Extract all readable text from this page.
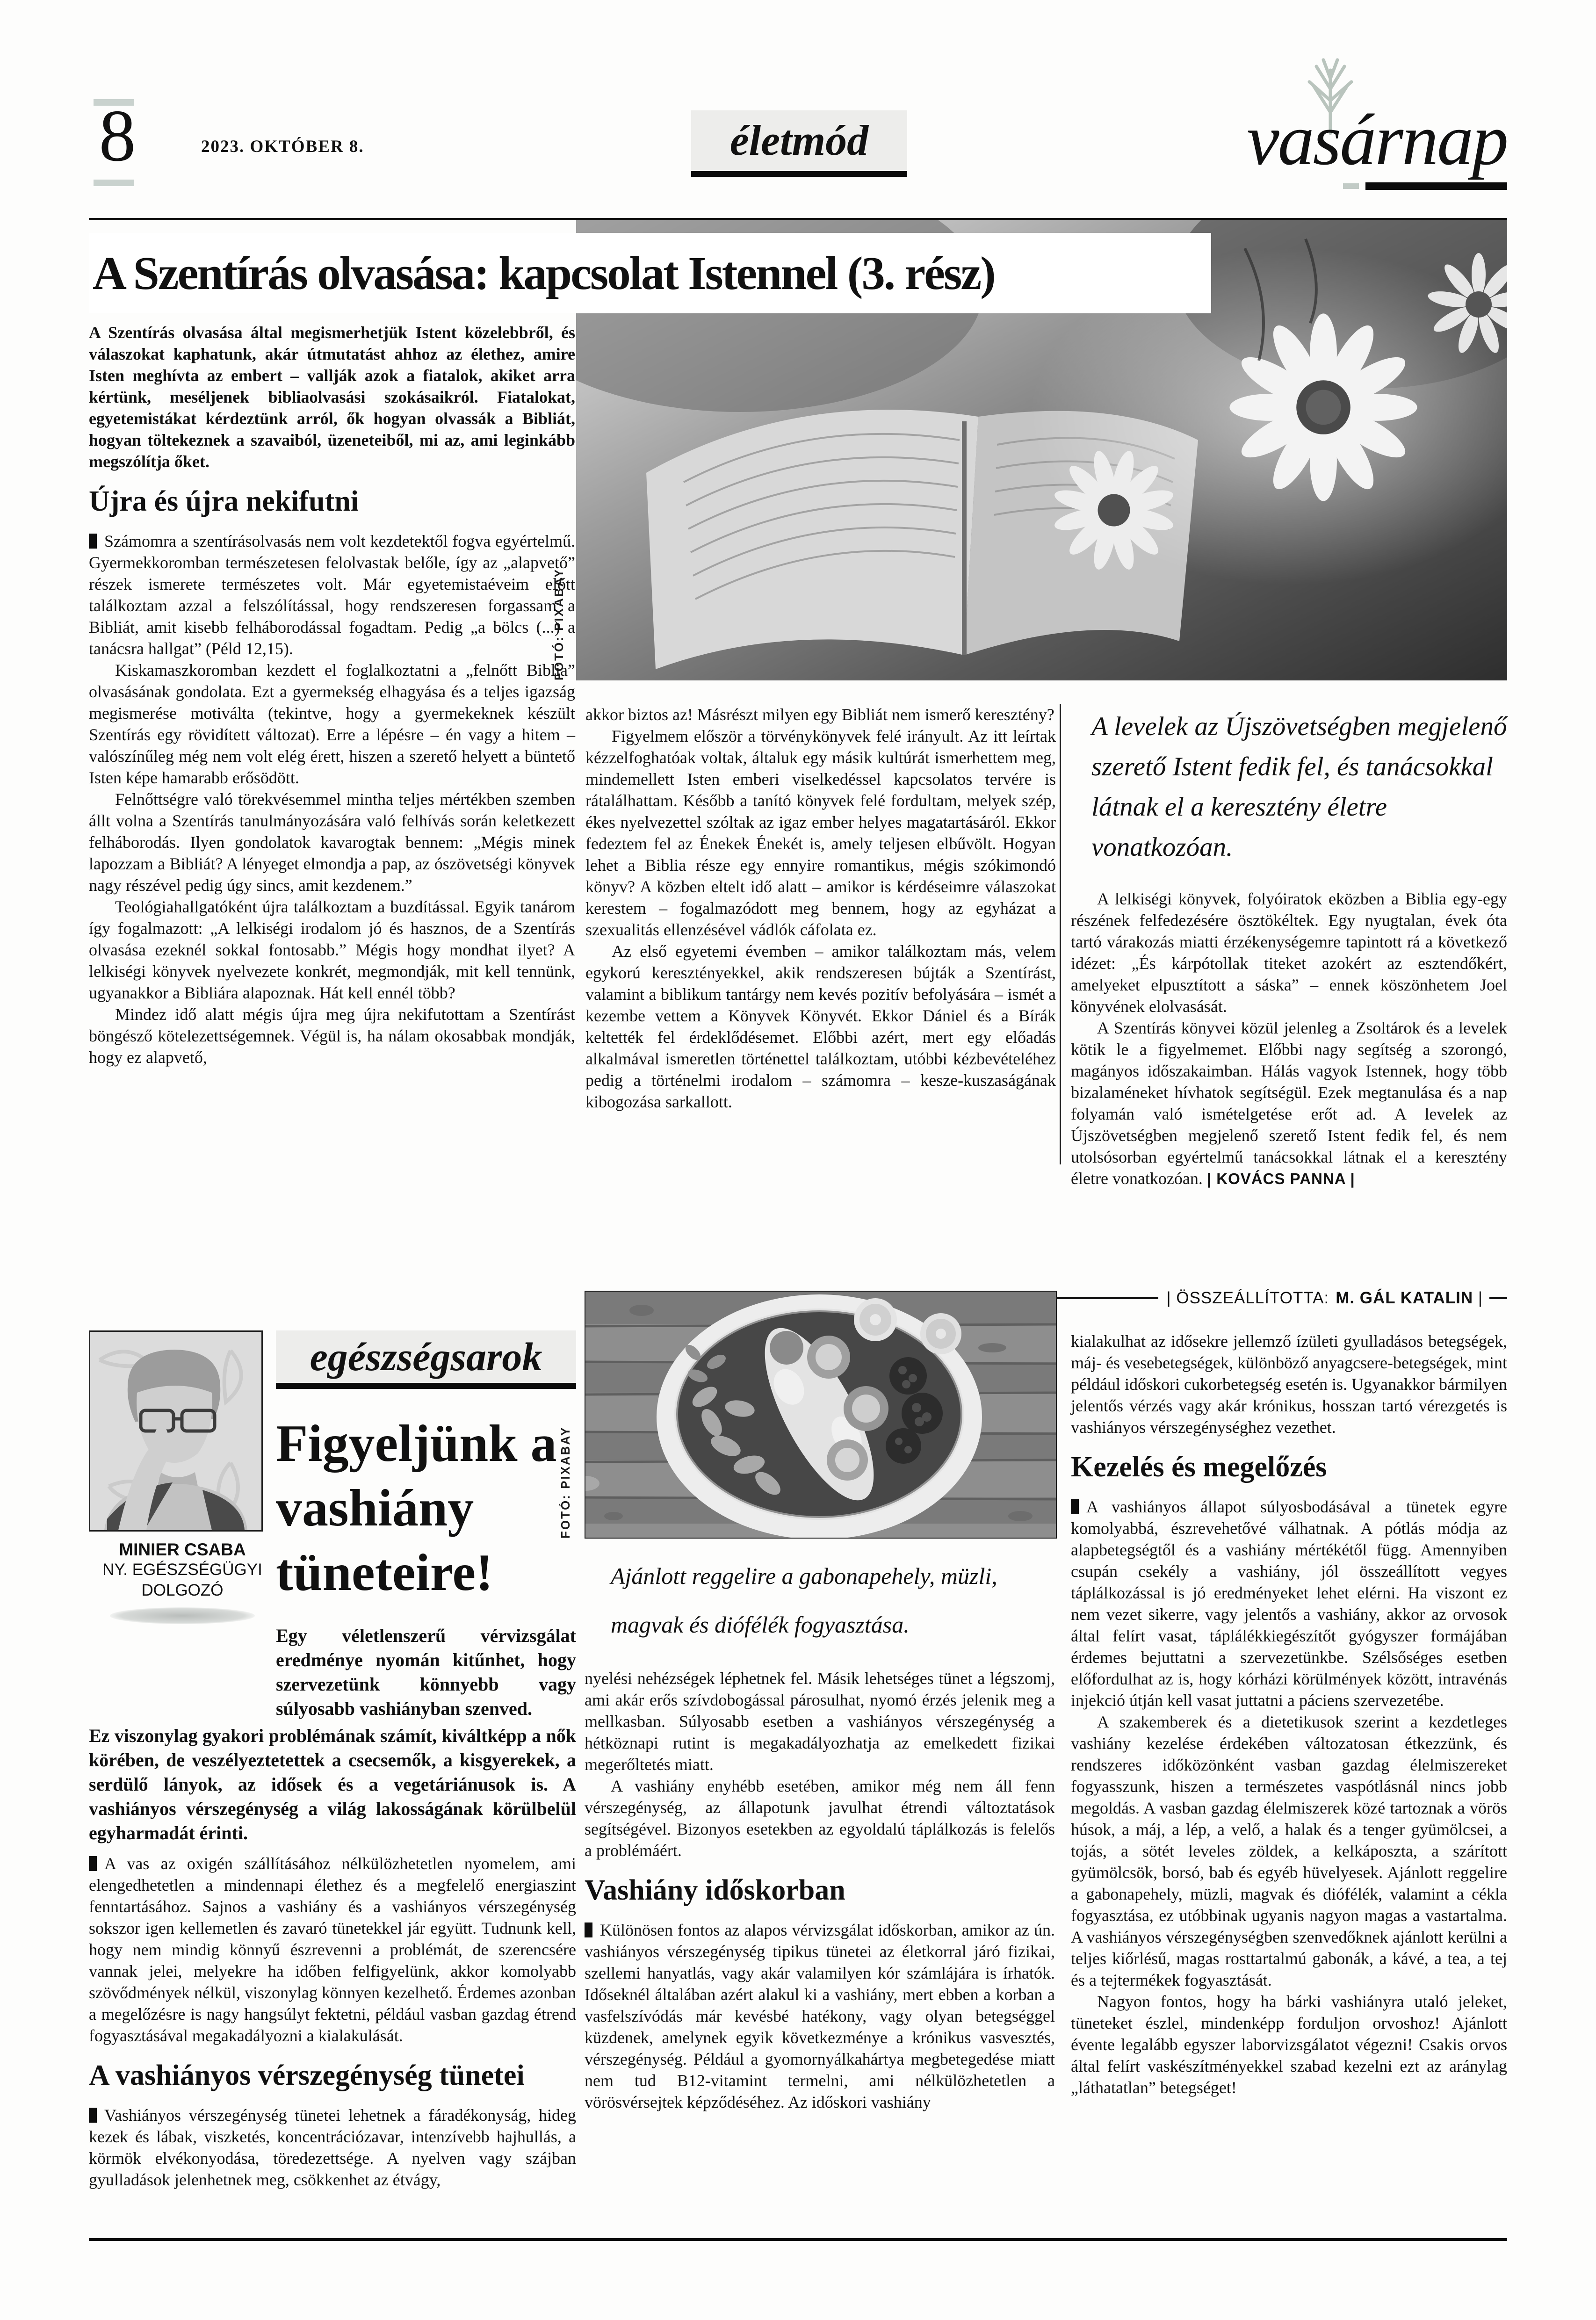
8	2023. OKTÓBER 8.	életmód	vasárnap
FOTÓ: PIXABAY
A Szentírás olvasása: kapcsolat Istennel (3. rész)

A Szentírás olvasása által megismerhetjük Istent közelebbről, és válaszokat kaphatunk, akár útmutatást ahhoz az élethez, amire Isten meghívta az embert – vallják azok a fiatalok, akiket arra kértünk, meséljenek bibliaolvasási szokásaikról. Fiatalokat, egyetemistákat kérdeztünk arról, ők hogyan olvassák a Bibliát, hogyan töltekeznek a szavaiból, üzeneteiből, mi az, ami leginkább megszólítja őket.

Újra és újra nekifutni

Számomra a szentírásolvasás nem volt kezdetektől fogva egyértelmű. Gyermekkoromban természetesen felolvastak belőle, így az „alapvető” részek ismerete természetes volt. Már egyetemistaéveim előtt találkoztam azzal a felszólítással, hogy rendszeresen forgassam a Bibliát, amit kisebb felháborodással fogadtam. Pedig „a bölcs (...) a tanácsra hallgat” (Péld 12,15).

Kiskamaszkoromban kezdett el foglalkoztatni a „felnőtt Biblia” olvasásának gondolata. Ezt a gyermekség elhagyása és a teljes igazság megismerése motiválta (tekintve, hogy a gyermekeknek készült Szentírás egy rövidített változat). Erre a lépésre – én vagy a hitem – valószínűleg még nem volt elég érett, hiszen a szerető helyett a büntető Isten képe hamarabb erősödött.

Felnőttségre való törekvésemmel mintha teljes mértékben szemben állt volna a Szentírás tanulmányozására való felhívás során keletkezett felháborodás. Ilyen gondolatok kavarogtak bennem: „Mégis minek lapozzam a Bibliát? A lényeget elmondja a pap, az ószövetségi könyvek nagy részével pedig úgy sincs, amit kezdenem.”

Teológiahallgatóként újra találkoztam a buzdítással. Egyik tanárom így fogalmazott: „A lelkiségi irodalom jó és hasznos, de a Szentírás olvasása ezeknél sokkal fontosabb.” Mégis hogy mondhat ilyet? A lelkiségi könyvek nyelvezete konkrét, megmondják, mit kell tennünk, ugyanakkor a Bibliára alapoznak. Hát kell ennél több?

Mindez idő alatt mégis újra meg újra nekifutottam a Szentírást böngésző kötelezettségemnek. Végül is, ha nálam okosabbak mondják, hogy ez alapvető,

akkor biztos az! Másrészt milyen egy Bibliát nem ismerő keresztény?

Figyelmem először a törvénykönyvek felé irányult. Az itt leírtak kézzelfoghatóak voltak, általuk egy másik kultúrát ismerhettem meg, mindemellett Isten emberi viselkedéssel kapcsolatos tervére is rátalálhattam. Később a tanító könyvek felé fordultam, melyek szép, ékes nyelvezettel szóltak az igaz ember helyes magatartásáról. Ekkor fedeztem fel az Énekek Énekét is, amely teljesen elbűvölt. Hogyan lehet a Biblia része egy ennyire romantikus, mégis szókimondó könyv? A közben eltelt idő alatt – amikor is kérdéseimre válaszokat kerestem – fogalmazódott meg bennem, hogy az egyházat a szexualitás ellenzésével vádlók cáfolata ez.

Az első egyetemi évemben – amikor találkoztam más, velem egykorú keresztényekkel, akik rendszeresen bújták a Szentírást, valamint a biblikum tantárgy nem kevés pozitív befolyására – ismét a kezembe vettem a Könyvek Könyvét. Ekkor Dániel és a Bírák keltették fel érdeklődésemet. Előbbi azért, mert egy előadás alkalmával ismeretlen történettel találkoztam, utóbbi kézbevételéhez pedig a történelmi irodalom – számomra – kesze-kuszaságának kibogozása sarkallott.

A levelek az Újszövetségben megjelenő szerető Istent fedik fel, és tanácsokkal látnak el a keresztény életre vonatkozóan.

A lelkiségi könyvek, folyóiratok eközben a Biblia egy-egy részének felfedezésére ösztökéltek. Egy nyugtalan, évek óta tartó várakozás miatti érzékenységemre tapintott rá a következő idézet: „És kárpótollak titeket azokért az esztendőkért, amelyeket elpusztított a sáska” – ennek köszönhetem Joel könyvének elolvasását.

A Szentírás könyvei közül jelenleg a Zsoltárok és a levelek kötik le a figyelmemet. Előbbi nagy segítség a szorongó, magányos időszakaimban. Hálás vagyok Istennek, hogy több bizalaméneket hívhatok segítségül. Ezek megtanulása és a nap folyamán való ismételgetése erőt ad. A levelek az Újszövetségben megjelenő szerető Istent fedik fel, és nem utolsósorban egyértelmű tanácsokkal látnak el a keresztény életre vonatkozóan. | KOVÁCS PANNA |

| ÖSSZEÁLLÍTOTTA: M. GÁL KATALIN |
MINIER CSABA
NY. EGÉSZSÉGÜGYI
DOLGOZÓ
egészségsarok
Figyeljünk a vashiány tüneteire!

Egy véletlenszerű vérvizsgálat eredménye nyomán kitűnhet, hogy szervezetünk könnyebb vagy súlyosabb vashiányban szenved.

Ez viszonylag gyakori problémának számít, kiváltképp a nők körében, de veszélyeztetettek a csecsemők, a kisgyerekek, a serdülő lányok, az idősek és a vegetáriánusok is. A vashiányos vérszegénység a világ lakosságának körülbelül egyharmadát érinti.

A vas az oxigén szállításához nélkülözhetetlen nyomelem, ami elengedhetetlen a mindennapi élethez és a megfelelő energiaszint fenntartásához. Sajnos a vashiány és a vashiányos vérszegénység sokszor igen kellemetlen és zavaró tünetekkel jár együtt. Tudnunk kell, hogy nem mindig könnyű észrevenni a problémát, de szerencsére vannak jelei, melyekre ha időben felfigyelünk, akkor komolyabb szövődmények nélkül, viszonylag könnyen kezelhető. Érdemes azonban a megelőzésre is nagy hangsúlyt fektetni, például vasban gazdag étrend fogyasztásával megakadályozni a kialakulását.

A vashiányos vérszegénység tünetei

Vashiányos vérszegénység tünetei lehetnek a fáradékonyság, hideg kezek és lábak, viszketés, koncentrációzavar, intenzívebb hajhullás, a körmök elvékonyodása, töredezettsége. A nyelven vagy szájban gyulladások jelenhetnek meg, csökkenhet az étvágy,

Ajánlott reggelire a gabonapehely, müzli, magvak és diófélék fogyasztása.

nyelési nehézségek léphetnek fel. Másik lehetséges tünet a légszomj, ami akár erős szívdobogással párosulhat, nyomó érzés jelenik meg a mellkasban. Súlyosabb esetben a vashiányos vérszegénység a hétköznapi rutint is megakadályozhatja az emelkedett fizikai megerőltetés miatt.

A vashiány enyhébb esetében, amikor még nem áll fenn vérszegénység, az állapotunk javulhat étrendi változtatások segítségével. Bizonyos esetekben az egyoldalú táplálkozás is felelős a problémáért.

Vashiány időskorban

Különösen fontos az alapos vérvizsgálat időskorban, amikor az ún. vashiányos vérszegénység tipikus tünetei az életkorral járó fizikai, szellemi hanyatlás, vagy akár valamilyen kór számlájára is írhatók. Időseknél általában azért alakul ki a vashiány, mert ebben a korban a vasfelszívódás már kevésbé hatékony, vagy olyan betegséggel küzdenek, amelynek egyik következménye a krónikus vasvesztés, vérszegénység. Például a gyomornyálkahártya megbetegedése miatt nem tud B12-vitamint termelni, ami nélkülözhetetlen a vörösvérsejtek képződéséhez. Az időskori vashiány

FOTÓ: PIXABAY

kialakulhat az idősekre jellemző ízületi gyulladásos betegségek, máj- és vesebetegségek, különböző anyagcsere-betegségek, mint például időskori cukorbetegség esetén is. Ugyanakkor bármilyen jelentős vérzés vagy akár krónikus, hosszan tartó vérezgetés is vashiányos vérszegénységhez vezethet.

Kezelés és megelőzés

A vashiányos állapot súlyosbodásával a tünetek egyre komolyabbá, észrevehetővé válhatnak. A pótlás módja az alapbetegségtől és a vashiány mértékétől függ. Amennyiben csupán csekély a vashiány, jól összeállított vegyes táplálkozással is jó eredményeket lehet elérni. Ha viszont ez nem vezet sikerre, vagy jelentős a vashiány, akkor az orvosok által felírt vasat, táplálékkiegészítőt gyógyszer formájában érdemes bejuttatni a szervezetünkbe. Szélsőséges esetben előfordulhat az is, hogy kórházi körülmények között, intravénás injekció útján kell vasat juttatni a páciens szervezetébe.

A szakemberek és a dietetikusok szerint a kezdetleges vashiány kezelése érdekében változatosan étkezzünk, és rendszeres időközönként vasban gazdag élelmiszereket fogyasszunk, hiszen a természetes vaspótlásnál nincs jobb megoldás. A vasban gazdag élelmiszerek közé tartoznak a vörös húsok, a máj, a lép, a velő, a halak és a tenger gyümölcsei, a tojás, a sötét leveles zöldek, a kelkáposzta, a szárított gyümölcsök, borsó, bab és egyéb hüvelyesek. Ajánlott reggelire a gabonapehely, müzli, magvak és diófélék, valamint a cékla fogyasztása, ez utóbbinak ugyanis nagyon magas a vastartalma. A vashiányos vérszegénységben szenvedőknek ajánlott kerülni a teljes kiőrlésű, magas rosttartalmú gabonák, a kávé, a tea, a tej és a tejtermékek fogyasztását.

Nagyon fontos, hogy ha bárki vashiányra utaló jeleket, tüneteket észlel, mindenképp forduljon orvoshoz! Ajánlott évente legalább egyszer laborvizsgálatot végezni! Csakis orvos által felírt vaskészítményekkel szabad kezelni ezt az aránylag „láthatatlan” betegséget!
